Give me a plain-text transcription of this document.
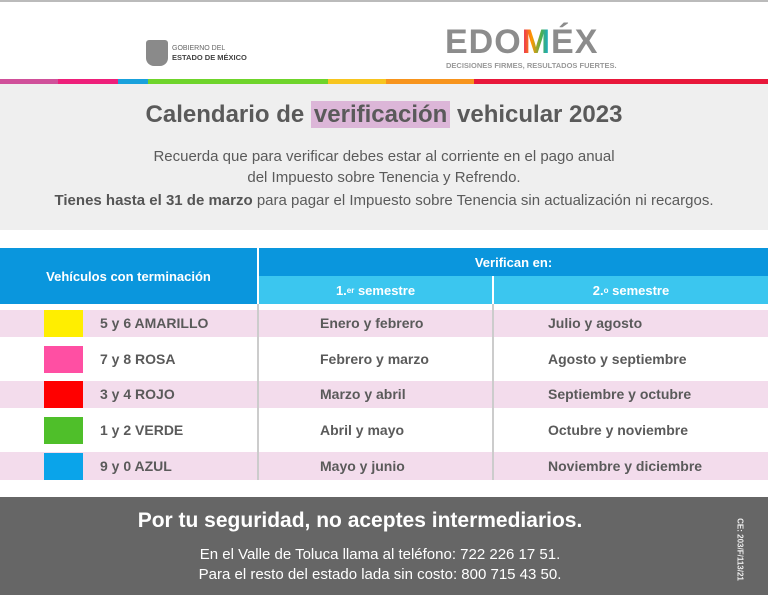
GOBIERNO DEL
ESTADO DE MÉXICO	EDOMÉX
DECISIONES FIRMES, RESULTADOS FUERTES.
Calendario de verificación vehicular 2023
Recuerda que para verificar debes estar al corriente en el pago anual
del Impuesto sobre Tenencia y Refrendo.
Tienes hasta el 31 de marzo para pagar el Impuesto sobre Tenencia sin actualización ni recargos.
Vehículos con terminación
Verifican en:
1. er semestre	2. o semestre
5 y 6 AMARILLO	Enero y febrero	Julio y agosto
7 y 8 ROSA	Febrero y marzo	Agosto y septiembre
3 y 4 ROJO	Marzo y abril	Septiembre y octubre
1 y 2 VERDE	Abril y mayo	Octubre y noviembre
9 y 0 AZUL	Mayo y junio	Noviembre y diciembre
Por tu seguridad, no aceptes intermediarios.
En el Valle de Toluca llama al teléfono: 722 226 17 51.
Para el resto del estado lada sin costo: 800 715 43 50.	CE: 203/F/113/21
